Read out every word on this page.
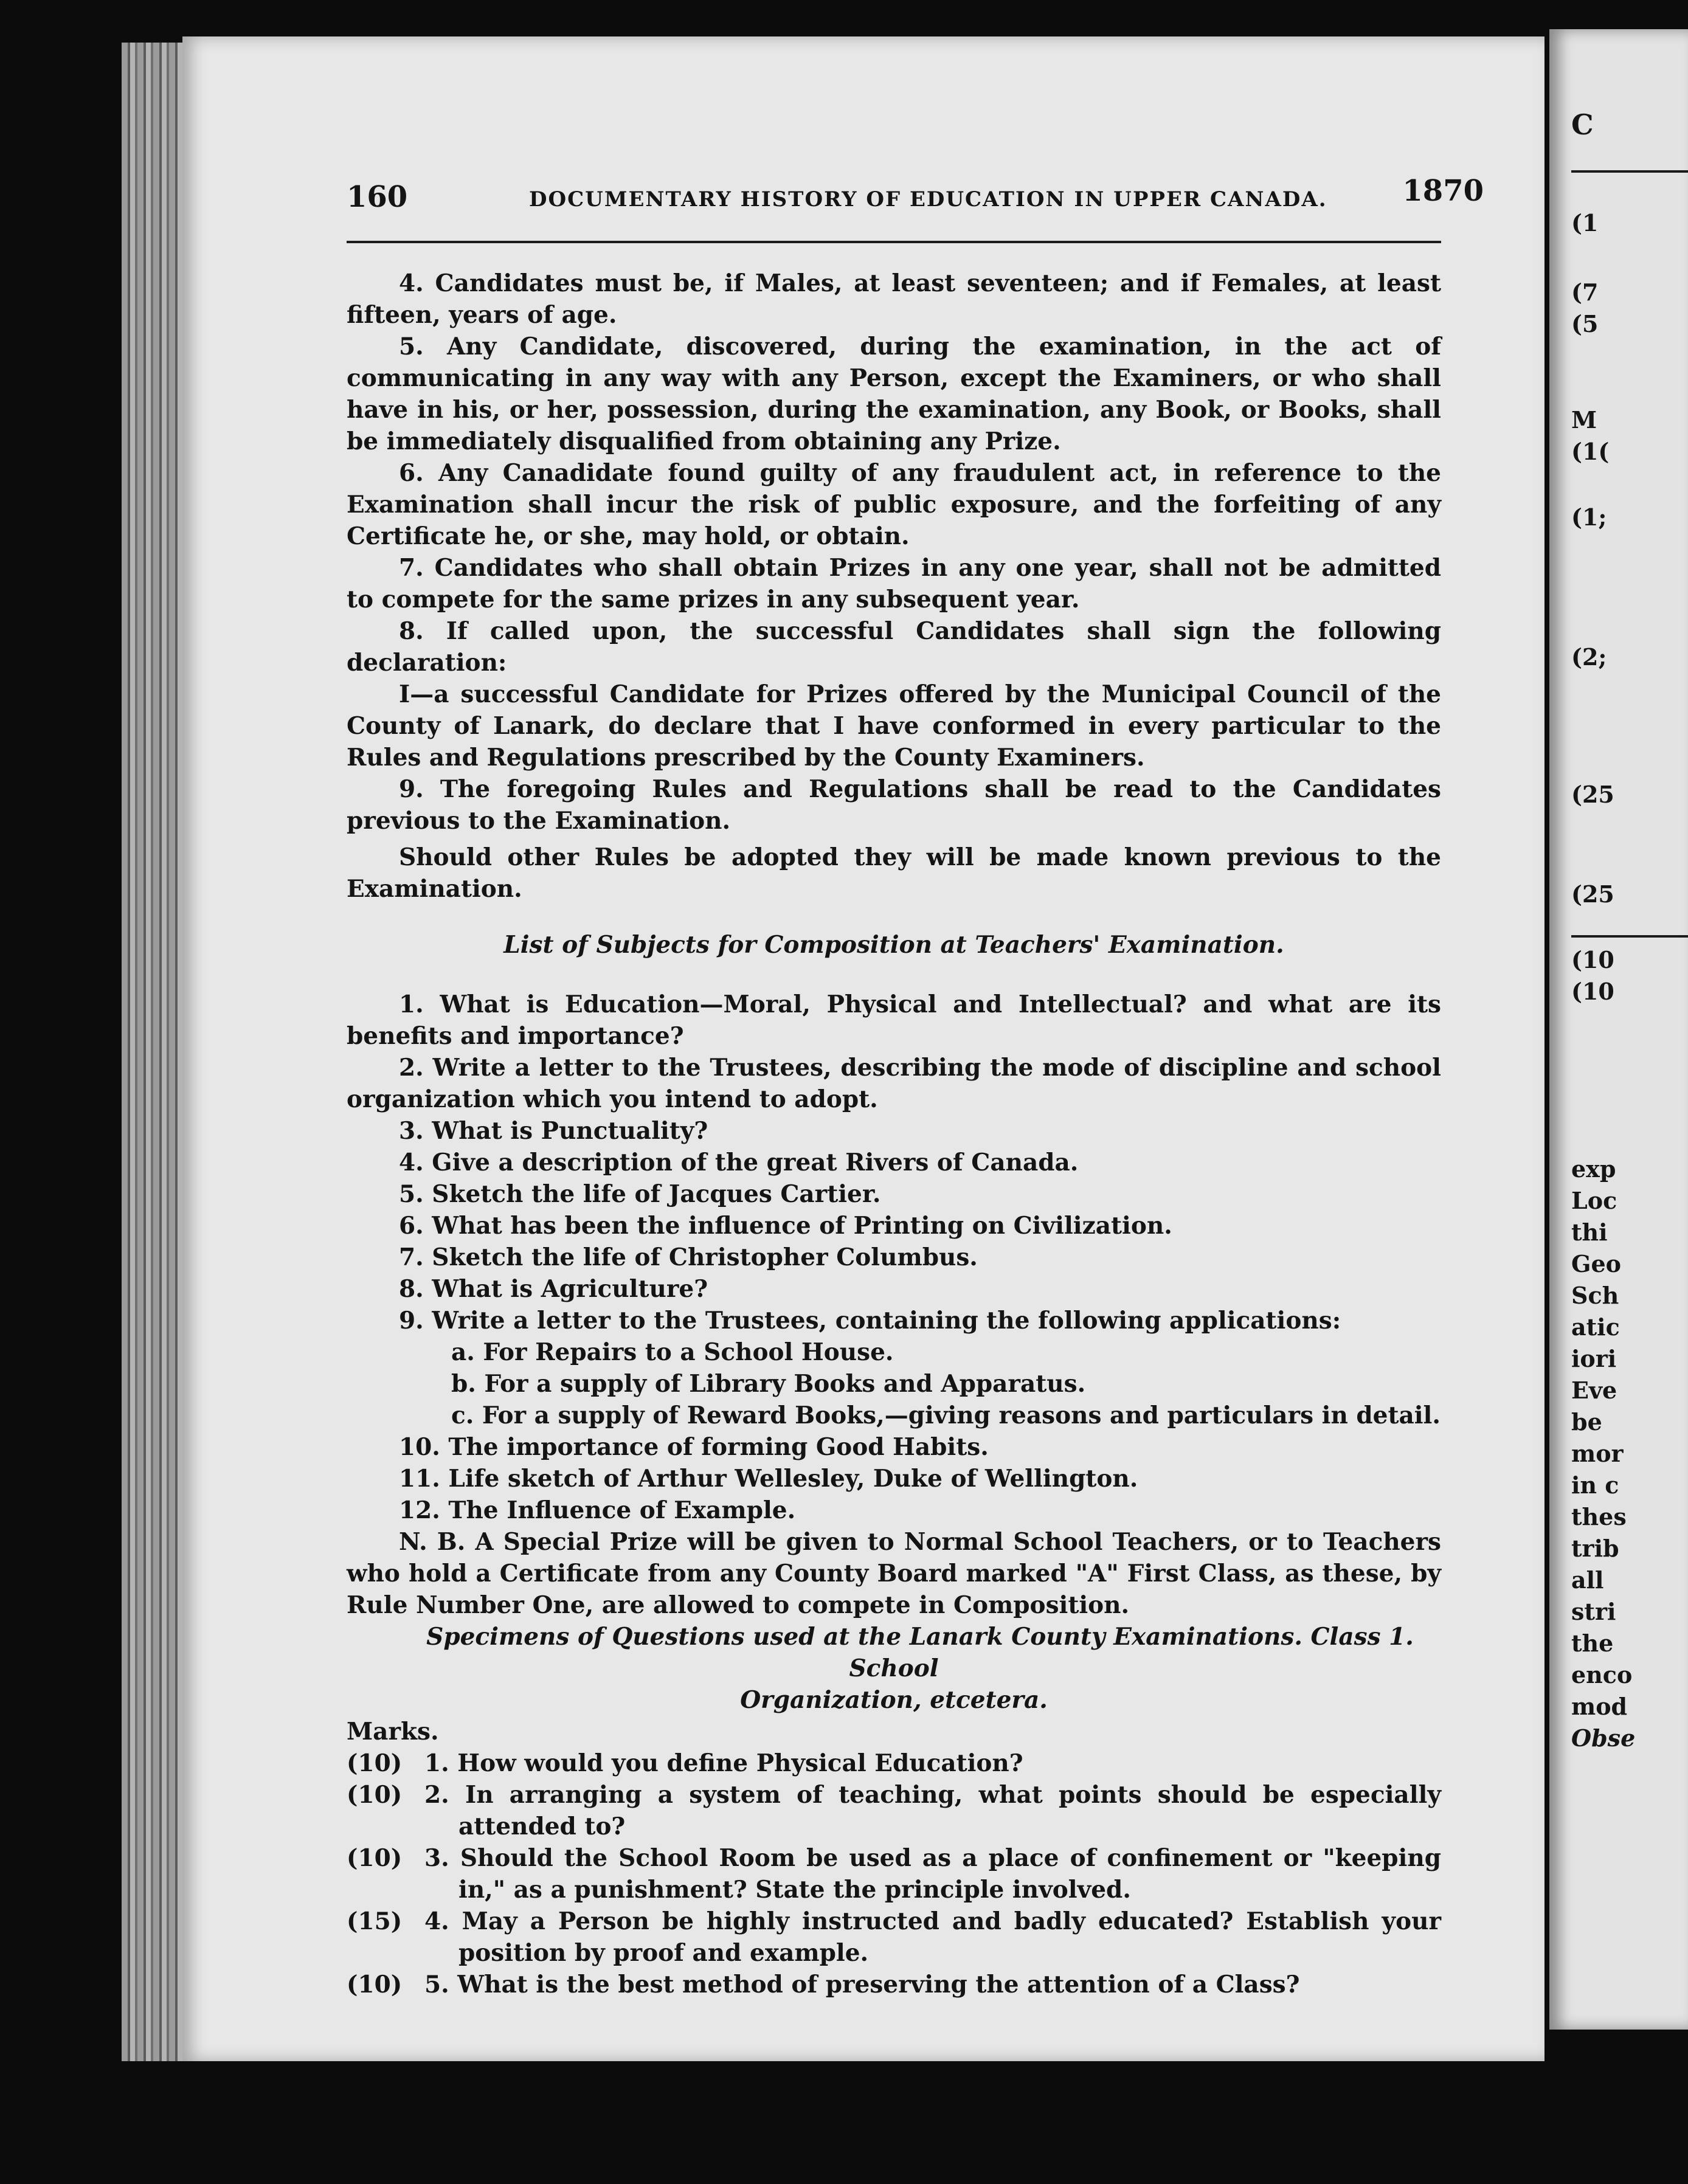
160	DOCUMENTARY HISTORY OF EDUCATION IN UPPER CANADA.	1870

4. Candidates must be, if Males, at least seventeen; and if Females, at least fifteen, years of age.

5. Any Candidate, discovered, during the examination, in the act of communicating in any way with any Person, except the Examiners, or who shall have in his, or her, possession, during the examination, any Book, or Books, shall be immediately disqualified from obtaining any Prize.

6. Any Canadidate found guilty of any fraudulent act, in reference to the Examination shall incur the risk of public exposure, and the forfeiting of any Certificate he, or she, may hold, or obtain.

7. Candidates who shall obtain Prizes in any one year, shall not be admitted to compete for the same prizes in any subsequent year.

8. If called upon, the successful Candidates shall sign the following declaration:

I—a successful Candidate for Prizes offered by the Municipal Council of the County of Lanark, do declare that I have conformed in every particular to the Rules and Regulations prescribed by the County Examiners.

9. The foregoing Rules and Regulations shall be read to the Candidates previous to the Examination.

Should other Rules be adopted they will be made known previous to the Examination.

List of Subjects for Composition at Teachers' Examination.

1. What is Education—Moral, Physical and Intellectual? and what are its benefits and importance?

2. Write a letter to the Trustees, describing the mode of discipline and school organization which you intend to adopt.

3. What is Punctuality?

4. Give a description of the great Rivers of Canada.

5. Sketch the life of Jacques Cartier.

6. What has been the influence of Printing on Civilization.

7. Sketch the life of Christopher Columbus.

8. What is Agriculture?

9. Write a letter to the Trustees, containing the following applications:

a. For Repairs to a School House.

b. For a supply of Library Books and Apparatus.

c. For a supply of Reward Books,—giving reasons and particulars in detail.

10. The importance of forming Good Habits.

11. Life sketch of Arthur Wellesley, Duke of Wellington.

12. The Influence of Example.

N. B. A Special Prize will be given to Normal School Teachers, or to Teachers who hold a Certificate from any County Board marked "A" First Class, as these, by Rule Number One, are allowed to compete in Composition.

Specimens of Questions used at the Lanark County Examinations. Class 1. School

Organization, etcetera.

Marks.

(10) 1. How would you define Physical Education?
(10) 2. In arranging a system of teaching, what points should be especially attended to?
(10) 3. Should the School Room be used as a place of confinement or "keeping in," as a punishment? State the principle involved.
(15) 4. May a Person be highly instructed and badly educated? Establish your position by proof and example.
(10) 5. What is the best method of preserving the attention of a Class?
C
(1
(7
(5
M
(1(
(1;
(2;
(25
(25
(10
(10
exp
Loc
thi
Geo
Sch
atic
iori
Eve
be
mor
in c
thes
trib
all
stri
the
enco
mod
Obse
